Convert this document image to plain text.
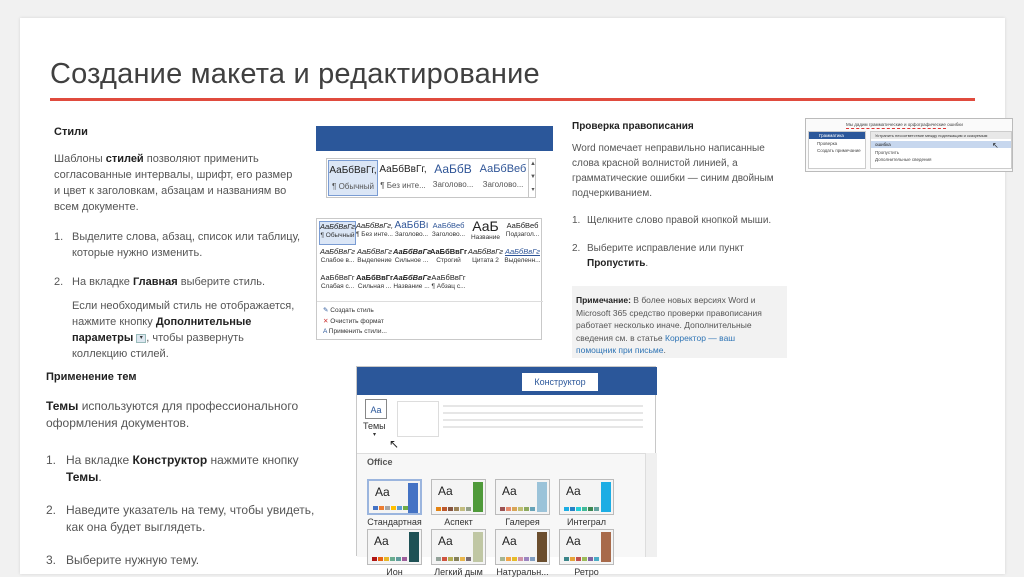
Создание макета и редактирование
Стили
Шаблоны стилей позволяют применить
согласованные интервалы, шрифт, его размер
и цвет к заголовкам, абзацам и названиям во
всем документе.
1. Выделите слова, абзац, список или таблицу,
которые нужно изменить.
2. На вкладке Главная выберите стиль.
Если необходимый стиль не отображается,
нажмите кнопку Дополнительные
параметры ▾ , чтобы развернуть
коллекцию стилей.
АаБбВвГг,
¶ Обычный
АаБбВвГг,
¶ Без инте...
АаБбВ
Заголово...
АаБбВеб
Заголово...
▲
▼
▾
АаБбВвГг,
¶ Обычный
АаБбВвГг,
¶ Без инте...
АаБбВı
Заголово...
АаБбВеб
Заголово...
АаБ
Название
АаБбВеб
Подзагол...
АаБбВвГг
Слабое в...
АаБбВвГг
Выделение
АаБбВвГг
Сильное ...
АаБбВвГг
Строгий
АаБбВвГг
Цитата 2
АаБбВвГг
Выделенн...
АаБбВвГг
Слабая с...
АаБбВвГг
Сильная ...
АаБбВвГг
Название ...
АаБбВвГг
¶ Абзац с...
✎ Создать стиль
✕ Очистить формат
A Применить стили...
Проверка правописания
Word помечает неправильно написанные
слова красной волнистой линией, а
грамматические ошибки — синим двойным
подчеркиванием.
1. Щелкните слово правой кнопкой мыши.
2. Выберите исправление или пункт
Пропустить.
Примечание: В более новых версиях Word и
Microsoft 365 средство проверки правописания
работает несколько иначе. Дополнительные
сведения см. в статье Корректор — ваш
помощник при письме.
Мы дадим грамматические и орфографические ошибки
Грамматика
Проверка
Создать примечание
Устранить несоответствие между подлежащим и сказуемым
ошибка
Пропустить
Дополнительные сведения
↖
Применение тем
Темы используются для профессионального
оформления документов.
1. На вкладке Конструктор нажмите кнопку
Темы.
2. Наведите указатель на тему, чтобы увидеть,
как она будет выглядеть.
3. Выберите нужную тему.
Конструктор
Aa
Темы
▾
↖
Office
Aa
Стандартная
Aa
Аспект
Aa
Галерея
Aa
Интеграл
Aa
Ион
Aa
Легкий дым
Aa
Натуральн...
Aa
Ретро
